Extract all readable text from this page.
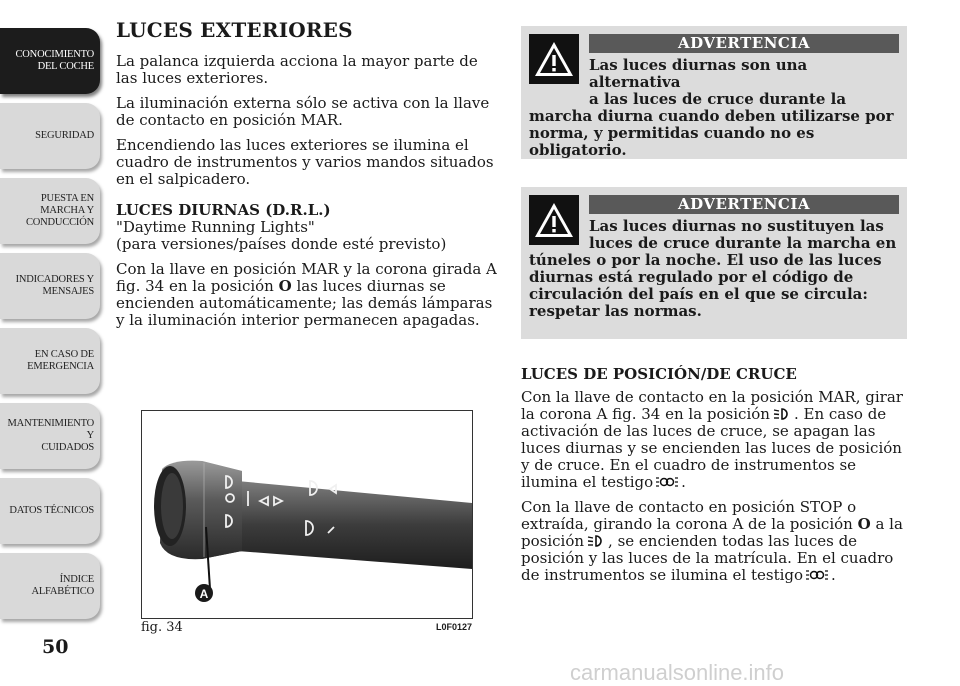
CONOCIMIENTO
DEL COCHE
SEGURIDAD
PUESTA EN
MARCHA Y
CONDUCCIÓN
INDICADORES Y
MENSAJES
EN CASO DE
EMERGENCIA
MANTENIMIENTO Y
CUIDADOS
DATOS TÉCNICOS
ÍNDICE
ALFABÉTICO
50
LUCES EXTERIORES

La palanca izquierda acciona la mayor parte de las luces exteriores.

La iluminación externa sólo se activa con la llave de contacto en posición MAR.

Encendiendo las luces exteriores se ilumina el cuadro de instrumentos y varios mandos situados en el salpicadero.

LUCES DIURNAS (D.R.L.)
"Daytime Running Lights"

(para versiones/países donde esté previsto)

Con la llave en posición MAR y la corona girada A fig. 34 en la posición O las luces diurnas se encienden automáticamente; las demás lámparas y la iluminación interior permanecen apagadas.

A
fig. 34	L0F0127
ADVERTENCIA
Las luces diurnas son una alternativa
a las luces de cruce durante la
marcha diurna cuando deben utilizarse por norma, y permitidas cuando no es obligatorio.
ADVERTENCIA
Las luces diurnas no sustituyen las
luces de cruce durante la marcha en
túneles o por la noche. El uso de las luces diurnas está regulado por el código de circulación del país en el que se circula: respetar las normas.
LUCES DE POSICIÓN/DE CRUCE

Con la llave de contacto en la posición MAR, girar la corona A fig. 34 en la posición . En caso de activación de las luces de cruce, se apagan las luces diurnas y se encienden las luces de posición y de cruce. En el cuadro de instrumentos se ilumina el testigo .

Con la llave de contacto en posición STOP o extraída, girando la corona A de la posición O a la posición , se encienden todas las luces de posición y las luces de la matrícula. En el cuadro de instrumentos se ilumina el testigo .

carmanualsonline.info
